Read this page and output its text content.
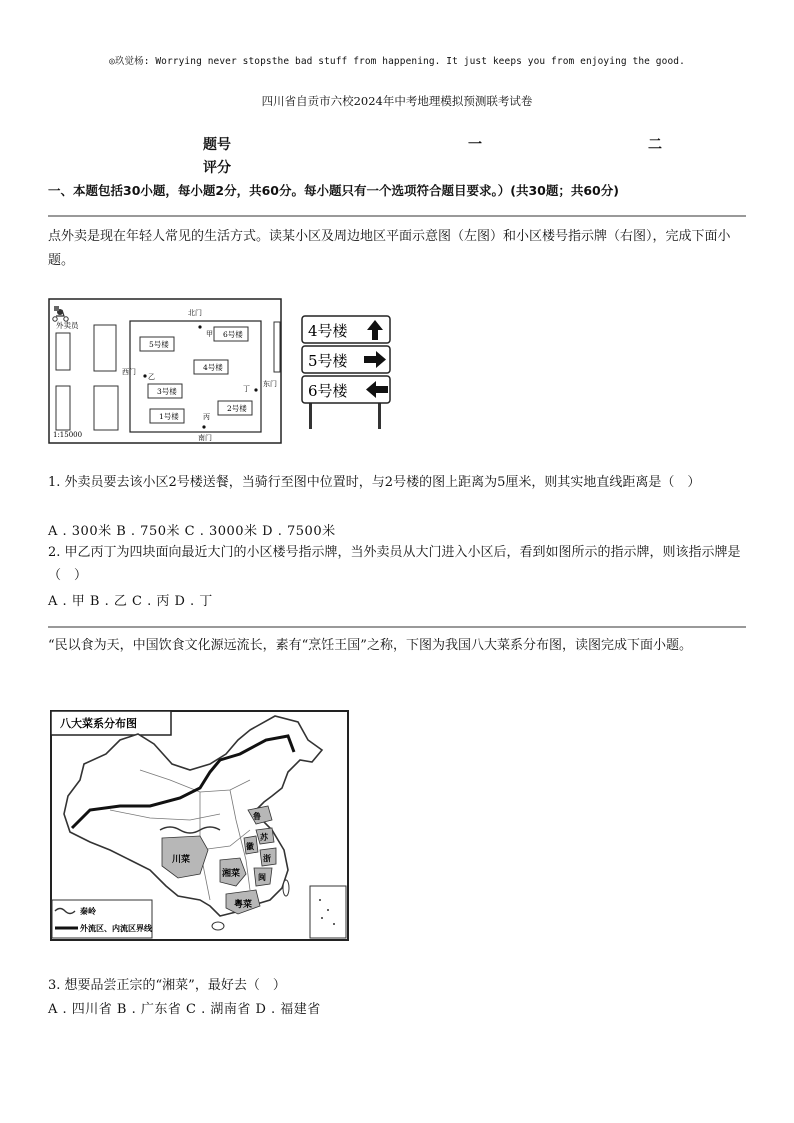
◎玖觉杨: Worrying never stopsthe bad stuff from happening. It just keeps you from enjoying the good.
四川省自贡市六校2024年中考地理模拟预测联考试卷
题号	一	二
评分
一、本题包括30小题，每小题2分，共60分。每小题只有一个选项符合题目要求。）(共30题；共60分)
点外卖是现在年轻人常见的生活方式。读某小区及周边地区平面示意图（左图）和小区楼号指示牌（右图），完成下面小题。
外卖员
北门
南门
西门
东门
5号楼
6号楼
4号楼
3号楼
1号楼
2号楼
甲
乙
丙
丁
1:15000
4号楼
5号楼
6号楼
1. 外卖员要去该小区2号楼送餐，当骑行至图中位置时，与2号楼的图上距离为5厘米，则其实地直线距离是（　）
A . 300米 B . 750米 C . 3000米 D . 7500米
2. 甲乙丙丁为四块面向最近大门的小区楼号指示牌，当外卖员从大门进入小区后，看到如图所示的指示牌，则该指示牌是（　）
A . 甲 B . 乙 C . 丙 D . 丁
“民以食为天，中国饮食文化源远流长，素有“烹饪王国”之称，下图为我国八大菜系分布图，读图完成下面小题。
八大菜系分布图
川菜
湘菜
粤菜
鲁
苏
徽
浙
闽
秦岭
外流区、内流区界线
3. 想要品尝正宗的“湘菜”，最好去（　）
A . 四川省 B . 广东省 C . 湖南省 D . 福建省
